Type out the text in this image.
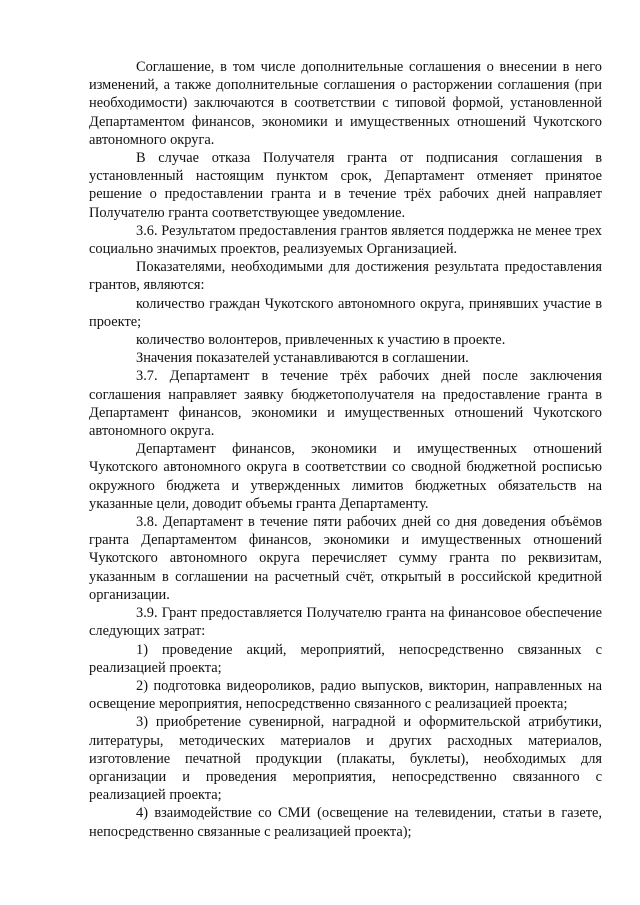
Соглашение, в том числе дополнительные соглашения о внесении в него изменений, а также дополнительные соглашения о расторжении соглашения (при необходимости) заключаются в соответствии с типовой формой, установленной Департаментом финансов, экономики и имущественных отношений Чукотского автономного округа.

В случае отказа Получателя гранта от подписания соглашения в установленный настоящим пунктом срок, Департамент отменяет принятое решение о предоставлении гранта и в течение трёх рабочих дней направляет Получателю гранта соответствующее уведомление.

3.6. Результатом предоставления грантов является поддержка не менее трех социально значимых проектов, реализуемых Организацией.

Показателями, необходимыми для достижения результата предоставления грантов, являются:

количество граждан Чукотского автономного округа, принявших участие в проекте;

количество волонтеров, привлеченных к участию в проекте.

Значения показателей устанавливаются в соглашении.

3.7. Департамент в течение трёх рабочих дней после заключения соглашения направляет заявку бюджетополучателя на предоставление гранта в Департамент финансов, экономики и имущественных отношений Чукотского автономного округа.

Департамент финансов, экономики и имущественных отношений Чукотского автономного округа в соответствии со сводной бюджетной росписью окружного бюджета и утвержденных лимитов бюджетных обязательств на указанные цели, доводит объемы гранта Департаменту.

3.8. Департамент в течение пяти рабочих дней со дня доведения объёмов гранта Департаментом финансов, экономики и имущественных отношений Чукотского автономного округа перечисляет сумму гранта по реквизитам, указанным в соглашении на расчетный счёт, открытый в российской кредитной организации.

3.9. Грант предоставляется Получателю гранта на финансовое обеспечение следующих затрат:

1) проведение акций, мероприятий, непосредственно связанных с реализацией проекта;

2) подготовка видеороликов, радио выпусков, викторин, направленных на освещение мероприятия, непосредственно связанного с реализацией проекта;

3) приобретение сувенирной, наградной и оформительской атрибутики, литературы, методических материалов и других расходных материалов, изготовление печатной продукции (плакаты, буклеты), необходимых для организации и проведения мероприятия, непосредственно связанного с реализацией проекта;

4) взаимодействие со СМИ (освещение на телевидении, статьи в газете, непосредственно связанные с реализацией проекта);
